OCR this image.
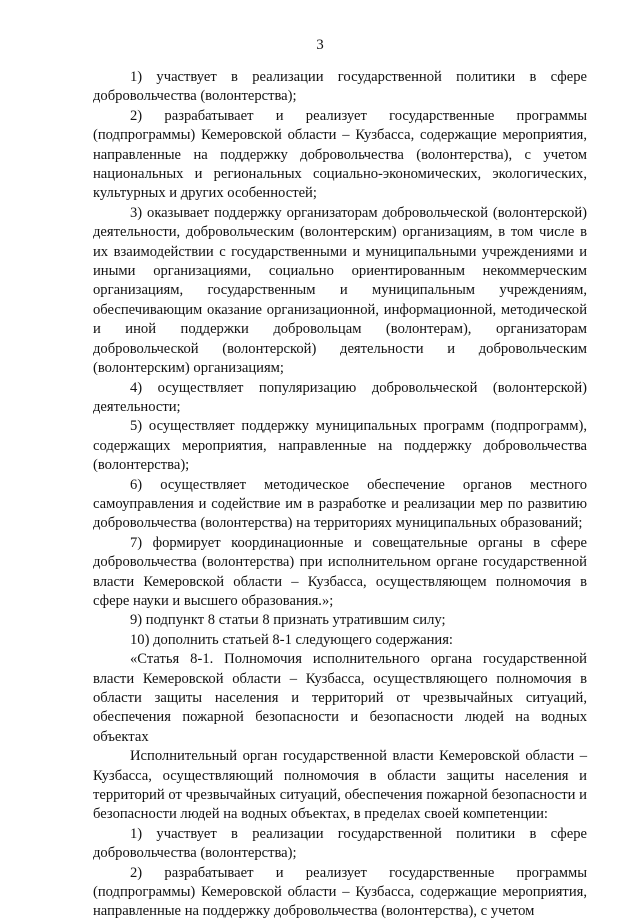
3

1) участвует в реализации государственной политики в сфере добровольчества (волонтерства);

2) разрабатывает и реализует государственные программы (подпрограммы) Кемеровской области – Кузбасса, содержащие мероприятия, направленные на поддержку добровольчества (волонтерства), с учетом национальных и региональных социально-экономических, экологических, культурных и других особенностей;

3) оказывает поддержку организаторам добровольческой (волонтерской) деятельности, добровольческим (волонтерским) организациям, в том числе в их взаимодействии с государственными и муниципальными учреждениями и иными организациями, социально ориентированным некоммерческим организациям, государственным и муниципальным учреждениям, обеспечивающим оказание организационной, информационной, методической и иной поддержки добровольцам (волонтерам), организаторам добровольческой (волонтерской) деятельности и добровольческим (волонтерским) организациям;

4) осуществляет популяризацию добровольческой (волонтерской) деятельности;

5) осуществляет поддержку муниципальных программ (подпрограмм), содержащих мероприятия, направленные на поддержку добровольчества (волонтерства);

6) осуществляет методическое обеспечение органов местного самоуправления и содействие им в разработке и реализации мер по развитию добровольчества (волонтерства) на территориях муниципальных образований;

7) формирует координационные и совещательные органы в сфере добровольчества (волонтерства) при исполнительном органе государственной власти Кемеровской области – Кузбасса, осуществляющем полномочия в сфере науки и высшего образования.»;

9) подпункт 8 статьи 8 признать утратившим силу;

10) дополнить статьей 8-1 следующего содержания:

«Статья 8-1. Полномочия исполнительного органа государственной власти Кемеровской области – Кузбасса, осуществляющего полномочия в области защиты населения и территорий от чрезвычайных ситуаций, обеспечения пожарной безопасности и безопасности людей на водных объектах

Исполнительный орган государственной власти Кемеровской области – Кузбасса, осуществляющий полномочия в области защиты населения и территорий от чрезвычайных ситуаций, обеспечения пожарной безопасности и безопасности людей на водных объектах, в пределах своей компетенции:

1) участвует в реализации государственной политики в сфере добровольчества (волонтерства);

2) разрабатывает и реализует государственные программы (подпрограммы) Кемеровской области – Кузбасса, содержащие мероприятия, направленные на поддержку добровольчества (волонтерства), с учетом
